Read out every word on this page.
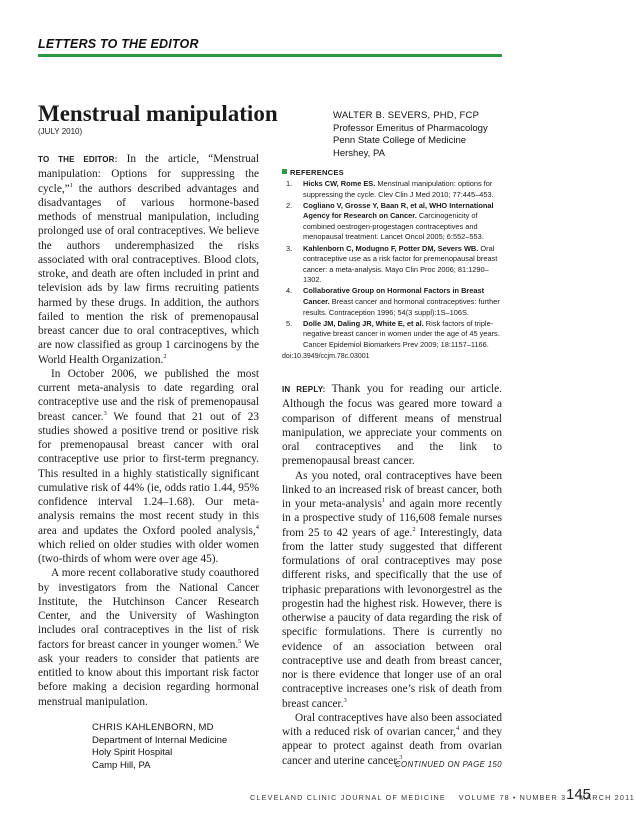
LETTERS TO THE EDITOR
Menstrual manipulation
(JULY 2010)

TO THE EDITOR: In the article, “Menstrual manipulation: Options for suppressing the cycle,”$^1$ the authors described advantages and disadvantages of various hormone-based methods of menstrual manipulation, including prolonged use of oral contraceptives. We believe the authors underemphasized the risks associated with oral contraceptives. Blood clots, stroke, and death are often included in print and television ads by law firms recruiting patients harmed by these drugs. In addition, the authors failed to mention the risk of premenopausal breast cancer due to oral contraceptives, which are now classified as group 1 carcinogens by the World Health Organization.$^2$

In October 2006, we published the most current meta-analysis to date regarding oral contraceptive use and the risk of premenopausal breast cancer.$^3$ We found that 21 out of 23 studies showed a positive trend or positive risk for premenopausal breast cancer with oral contraceptive use prior to first-term pregnancy. This resulted in a highly statistically significant cumulative risk of 44% (ie, odds ratio 1.44, 95% confidence interval 1.24–1.68). Our meta-analysis remains the most recent study in this area and updates the Oxford pooled analysis,$^4$ which relied on older studies with older women (two-thirds of whom were over age 45).

A more recent collaborative study coauthored by investigators from the National Cancer Institute, the Hutchinson Cancer Research Center, and the University of Washington includes oral contraceptives in the list of risk factors for breast cancer in younger women.$^5$ We ask your readers to consider that patients are entitled to know about this important risk factor before making a decision regarding hormonal menstrual manipulation.

CHRIS KAHLENBORN, MD
Department of Internal Medicine
Holy Spirit Hospital
Camp Hill, PA
WALTER B. SEVERS, PHD, FCP
Professor Emeritus of Pharmacology
Penn State College of Medicine
Hershey, PA
REFERENCES
1. Hicks CW, Rome ES. Menstrual manipulation: options for suppressing the cycle. Clev Clin J Med 2010; 77:445–453.
2. Cogliano V, Grosse Y, Baan R, et al, WHO International Agency for Research on Cancer. Carcinogenicity of combined oestrogen-progestagen contraceptives and menopausal treatment. Lancet Oncol 2005; 6:552–553.
3. Kahlenborn C, Modugno F, Potter DM, Severs WB. Oral contraceptive use as a risk factor for premenopausal breast cancer: a meta-analysis. Mayo Clin Proc 2006; 81:1290–1302.
4. Collaborative Group on Hormonal Factors in Breast Cancer. Breast cancer and hormonal contraceptives: further results. Contraception 1996; 54(3 suppl):1S–106S.
5. Dolle JM, Daling JR, White E, et al. Risk factors of triple-negative breast cancer in women under the age of 45 years. Cancer Epidemiol Biomarkers Prev 2009; 18:1157–1166.
doi:10.3949/ccjm.78c.03001

IN REPLY: Thank you for reading our article. Although the focus was geared more toward a comparison of different means of menstrual manipulation, we appreciate your comments on oral contraceptives and the link to premenopausal breast cancer.

As you noted, oral contraceptives have been linked to an increased risk of breast cancer, both in your meta-analysis$^1$ and again more recently in a prospective study of 116,608 female nurses from 25 to 42 years of age.$^2$ Interestingly, data from the latter study suggested that different formulations of oral contraceptives may pose different risks, and specifically that the use of triphasic preparations with levonorgestrel as the progestin had the highest risk. However, there is otherwise a paucity of data regarding the risk of specific formulations. There is currently no evidence of an association between oral contraceptive use and death from breast cancer, nor is there evidence that longer use of an oral contraceptive increases one’s risk of death from breast cancer.$^3$

Oral contraceptives have also been associated with a reduced risk of ovarian cancer,$^4$ and they appear to protect against death from ovarian cancer and uterine cancer.$^3$

CONTINUED ON PAGE 150
CLEVELAND CLINIC JOURNAL OF MEDICINE VOLUME 78 • NUMBER 3 MARCH 2011
145
